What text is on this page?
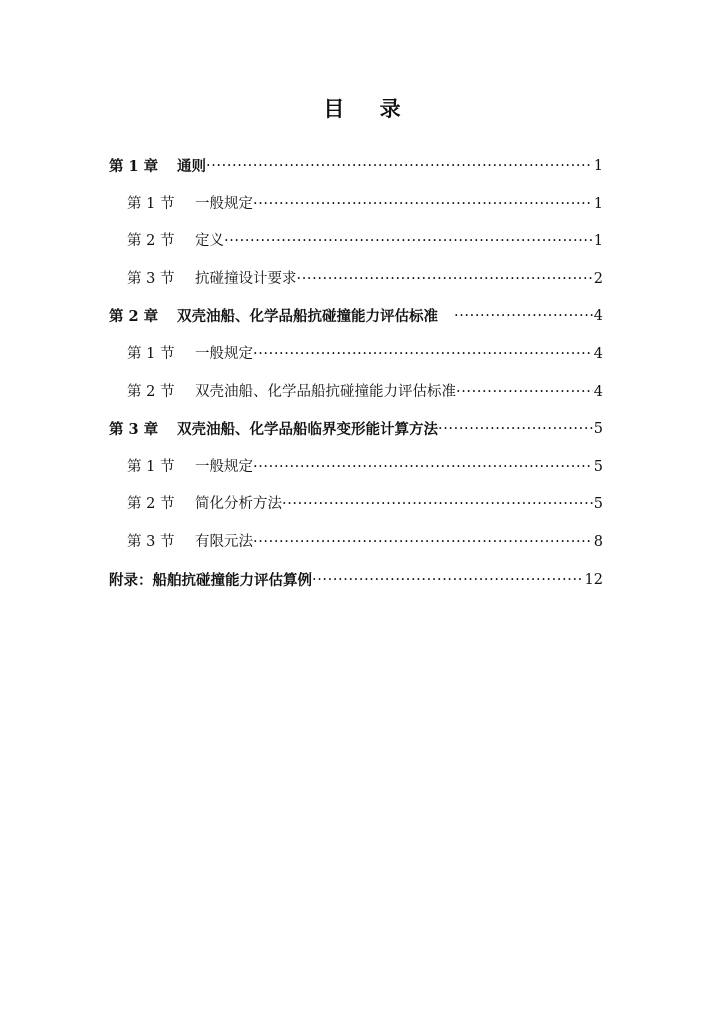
目 录
第 1 章	通则 ·····	1
第 1 节	一般规定 ·····	1
第 2 节	定义 ·····	1
第 3 节	抗碰撞设计要求 ·····	2
第 2 章	双壳油船、化学品船抗碰撞能力评估标准 ·····	4
第 1 节	一般规定 ·····	4
第 2 节	双壳油船、化学品船抗碰撞能力评估标准 ·····	4
第 3 章	双壳油船、化学品船临界变形能计算方法 ·····	5
第 1 节	一般规定 ·····	5
第 2 节	简化分析方法 ·····	5
第 3 节	有限元法 ·····	8
附录： 船舶抗碰撞能力评估算例 ·····	12
